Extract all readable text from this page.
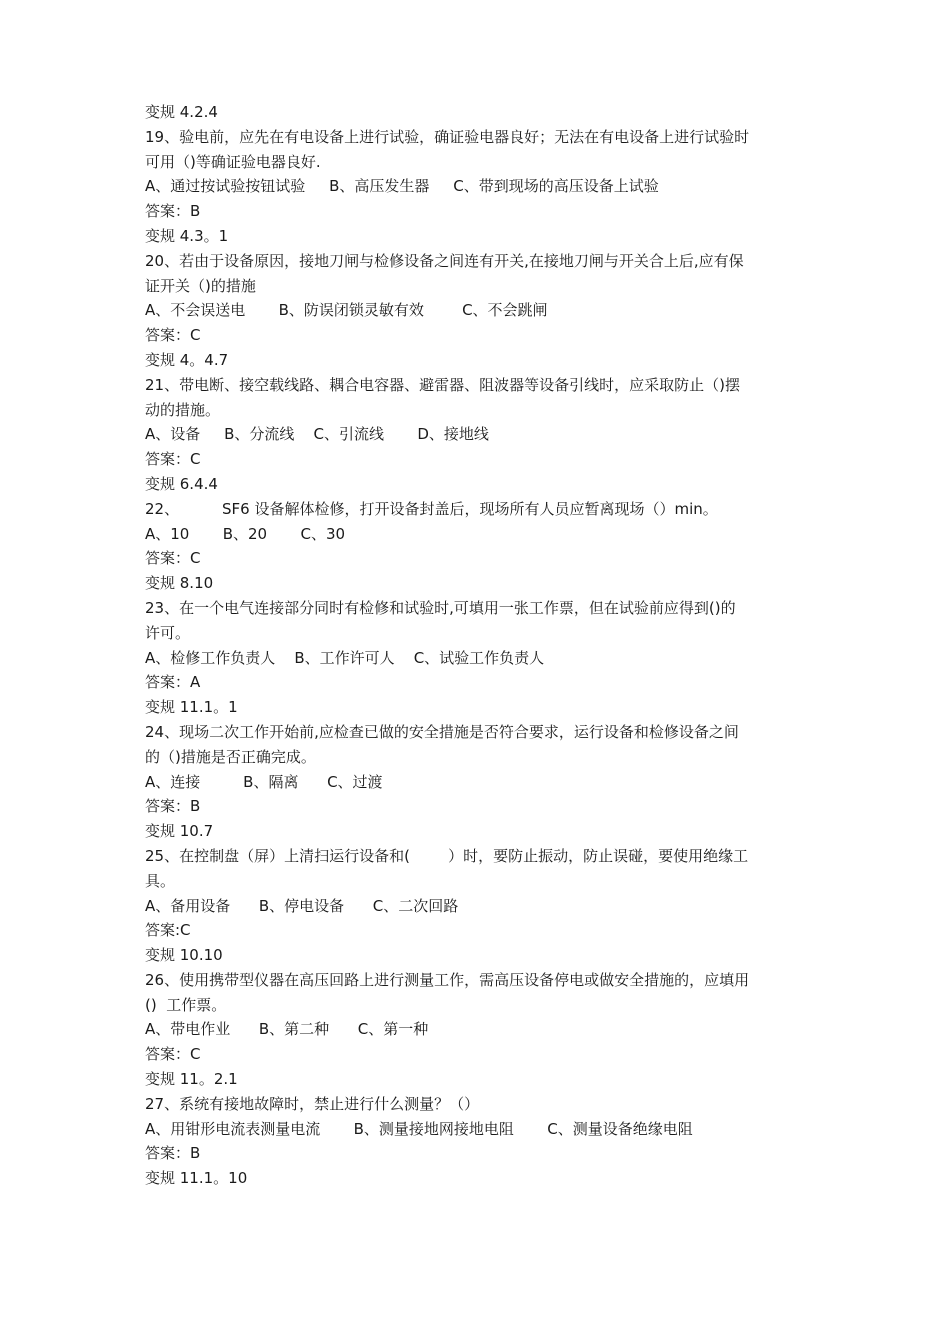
变规 4.2.4
19、验电前，应先在有电设备上进行试验，确证验电器良好；无法在有电设备上进行试验时
可用（)等确证验电器良好.
A、通过按试验按钮试验     B、高压发生器     C、带到现场的高压设备上试验
答案：B
变规 4.3。1
20、若由于设备原因，接地刀闸与检修设备之间连有开关,在接地刀闸与开关合上后,应有保
证开关（)的措施
A、不会误送电       B、防误闭锁灵敏有效        C、不会跳闸
答案：C
变规 4。4.7
21、带电断、接空载线路、耦合电容器、避雷器、阻波器等设备引线时，应采取防止（)摆
动的措施。
A、设备     B、分流线    C、引流线       D、接地线
答案：C
变规 6.4.4
22、         SF6 设备解体检修，打开设备封盖后，现场所有人员应暂离现场（）min。
A、10       B、20       C、30
答案：C
变规 8.10
23、在一个电气连接部分同时有检修和试验时,可填用一张工作票，但在试验前应得到()的
许可。
A、检修工作负责人    B、工作许可人    C、试验工作负责人
答案：A
变规 11.1。1
24、现场二次工作开始前,应检查已做的安全措施是否符合要求，运行设备和检修设备之间
的（)措施是否正确完成。
A、连接         B、隔离      C、过渡
答案：B
变规 10.7
25、在控制盘（屏）上清扫运行设备和(        ）时，要防止振动，防止误碰，要使用绝缘工
具。
A、备用设备      B、停电设备      C、二次回路
答案:C
变规 10.10
26、使用携带型仪器在高压回路上进行测量工作，需高压设备停电或做安全措施的，应填用
()  工作票。
A、带电作业      B、第二种      C、第一种
答案：C
变规 11。2.1
27、系统有接地故障时，禁止进行什么测量？（）
A、用钳形电流表测量电流       B、测量接地网接地电阻       C、测量设备绝缘电阻
答案：B
变规 11.1。10
